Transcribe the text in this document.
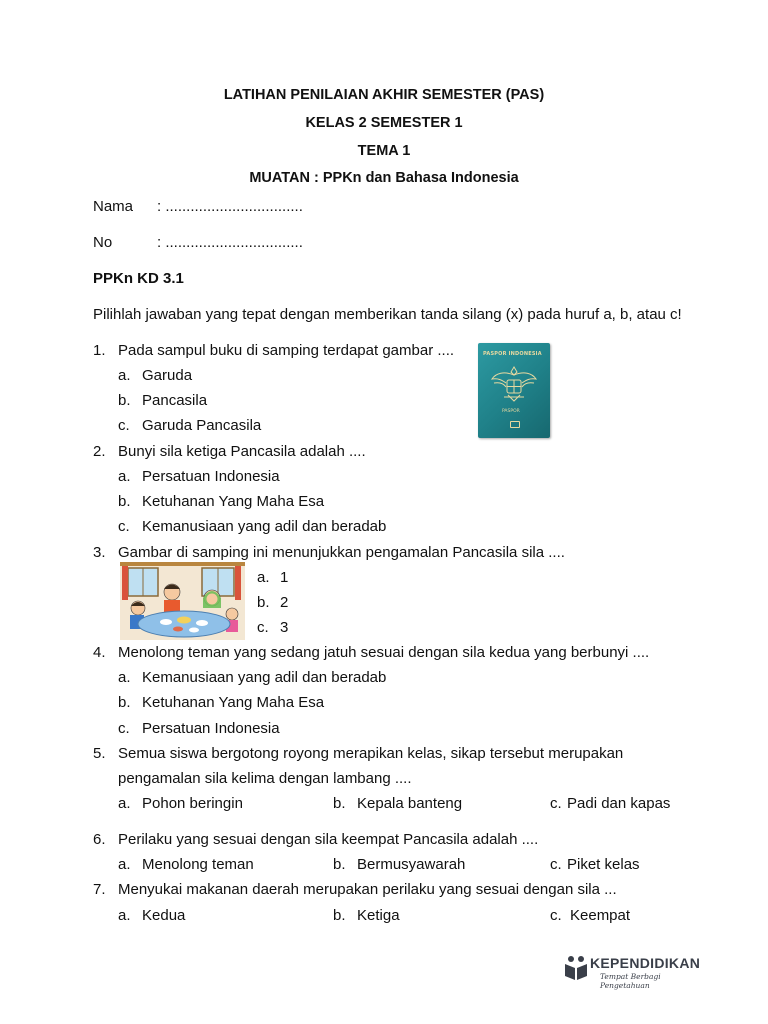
LATIHAN PENILAIAN AKHIR SEMESTER (PAS)
KELAS 2 SEMESTER 1
TEMA 1
MUATAN : PPKn dan Bahasa Indonesia
Nama : .................................
No	: .................................
PPKn KD 3.1
Pilihlah jawaban yang tepat dengan memberikan tanda silang (x) pada huruf a, b, atau c!
1. Pada sampul buku di samping terdapat gambar ....
a. Garuda
b. Pancasila
c. Garuda Pancasila
PASPOR INDONESIA
PASPOR
2. Bunyi sila ketiga Pancasila adalah ....
a. Persatuan Indonesia
b. Ketuhanan Yang Maha Esa
c. Kemanusiaan yang adil dan beradab
3. Gambar di samping ini menunjukkan pengamalan Pancasila sila ....
a. 1
b. 2
c. 3
4. Menolong teman yang sedang jatuh sesuai dengan sila kedua yang berbunyi ....
a. Kemanusiaan yang adil dan beradab
b. Ketuhanan Yang Maha Esa
c. Persatuan Indonesia
5. Semua siswa bergotong royong merapikan kelas, sikap tersebut merupakan
pengamalan sila kelima dengan lambang ....
a. Pohon beringin	b. Kepala banteng	c. Padi dan kapas
6. Perilaku yang sesuai dengan sila keempat Pancasila adalah ....
a. Menolong teman	b. Bermusyawarah	c. Piket kelas
7. Menyukai makanan daerah merupakan perilaku yang sesuai dengan sila ...
a. Kedua	b. Ketiga	c. Keempat
KEPENDIDIKAN
Tempat Berbagi Pengetahuan
